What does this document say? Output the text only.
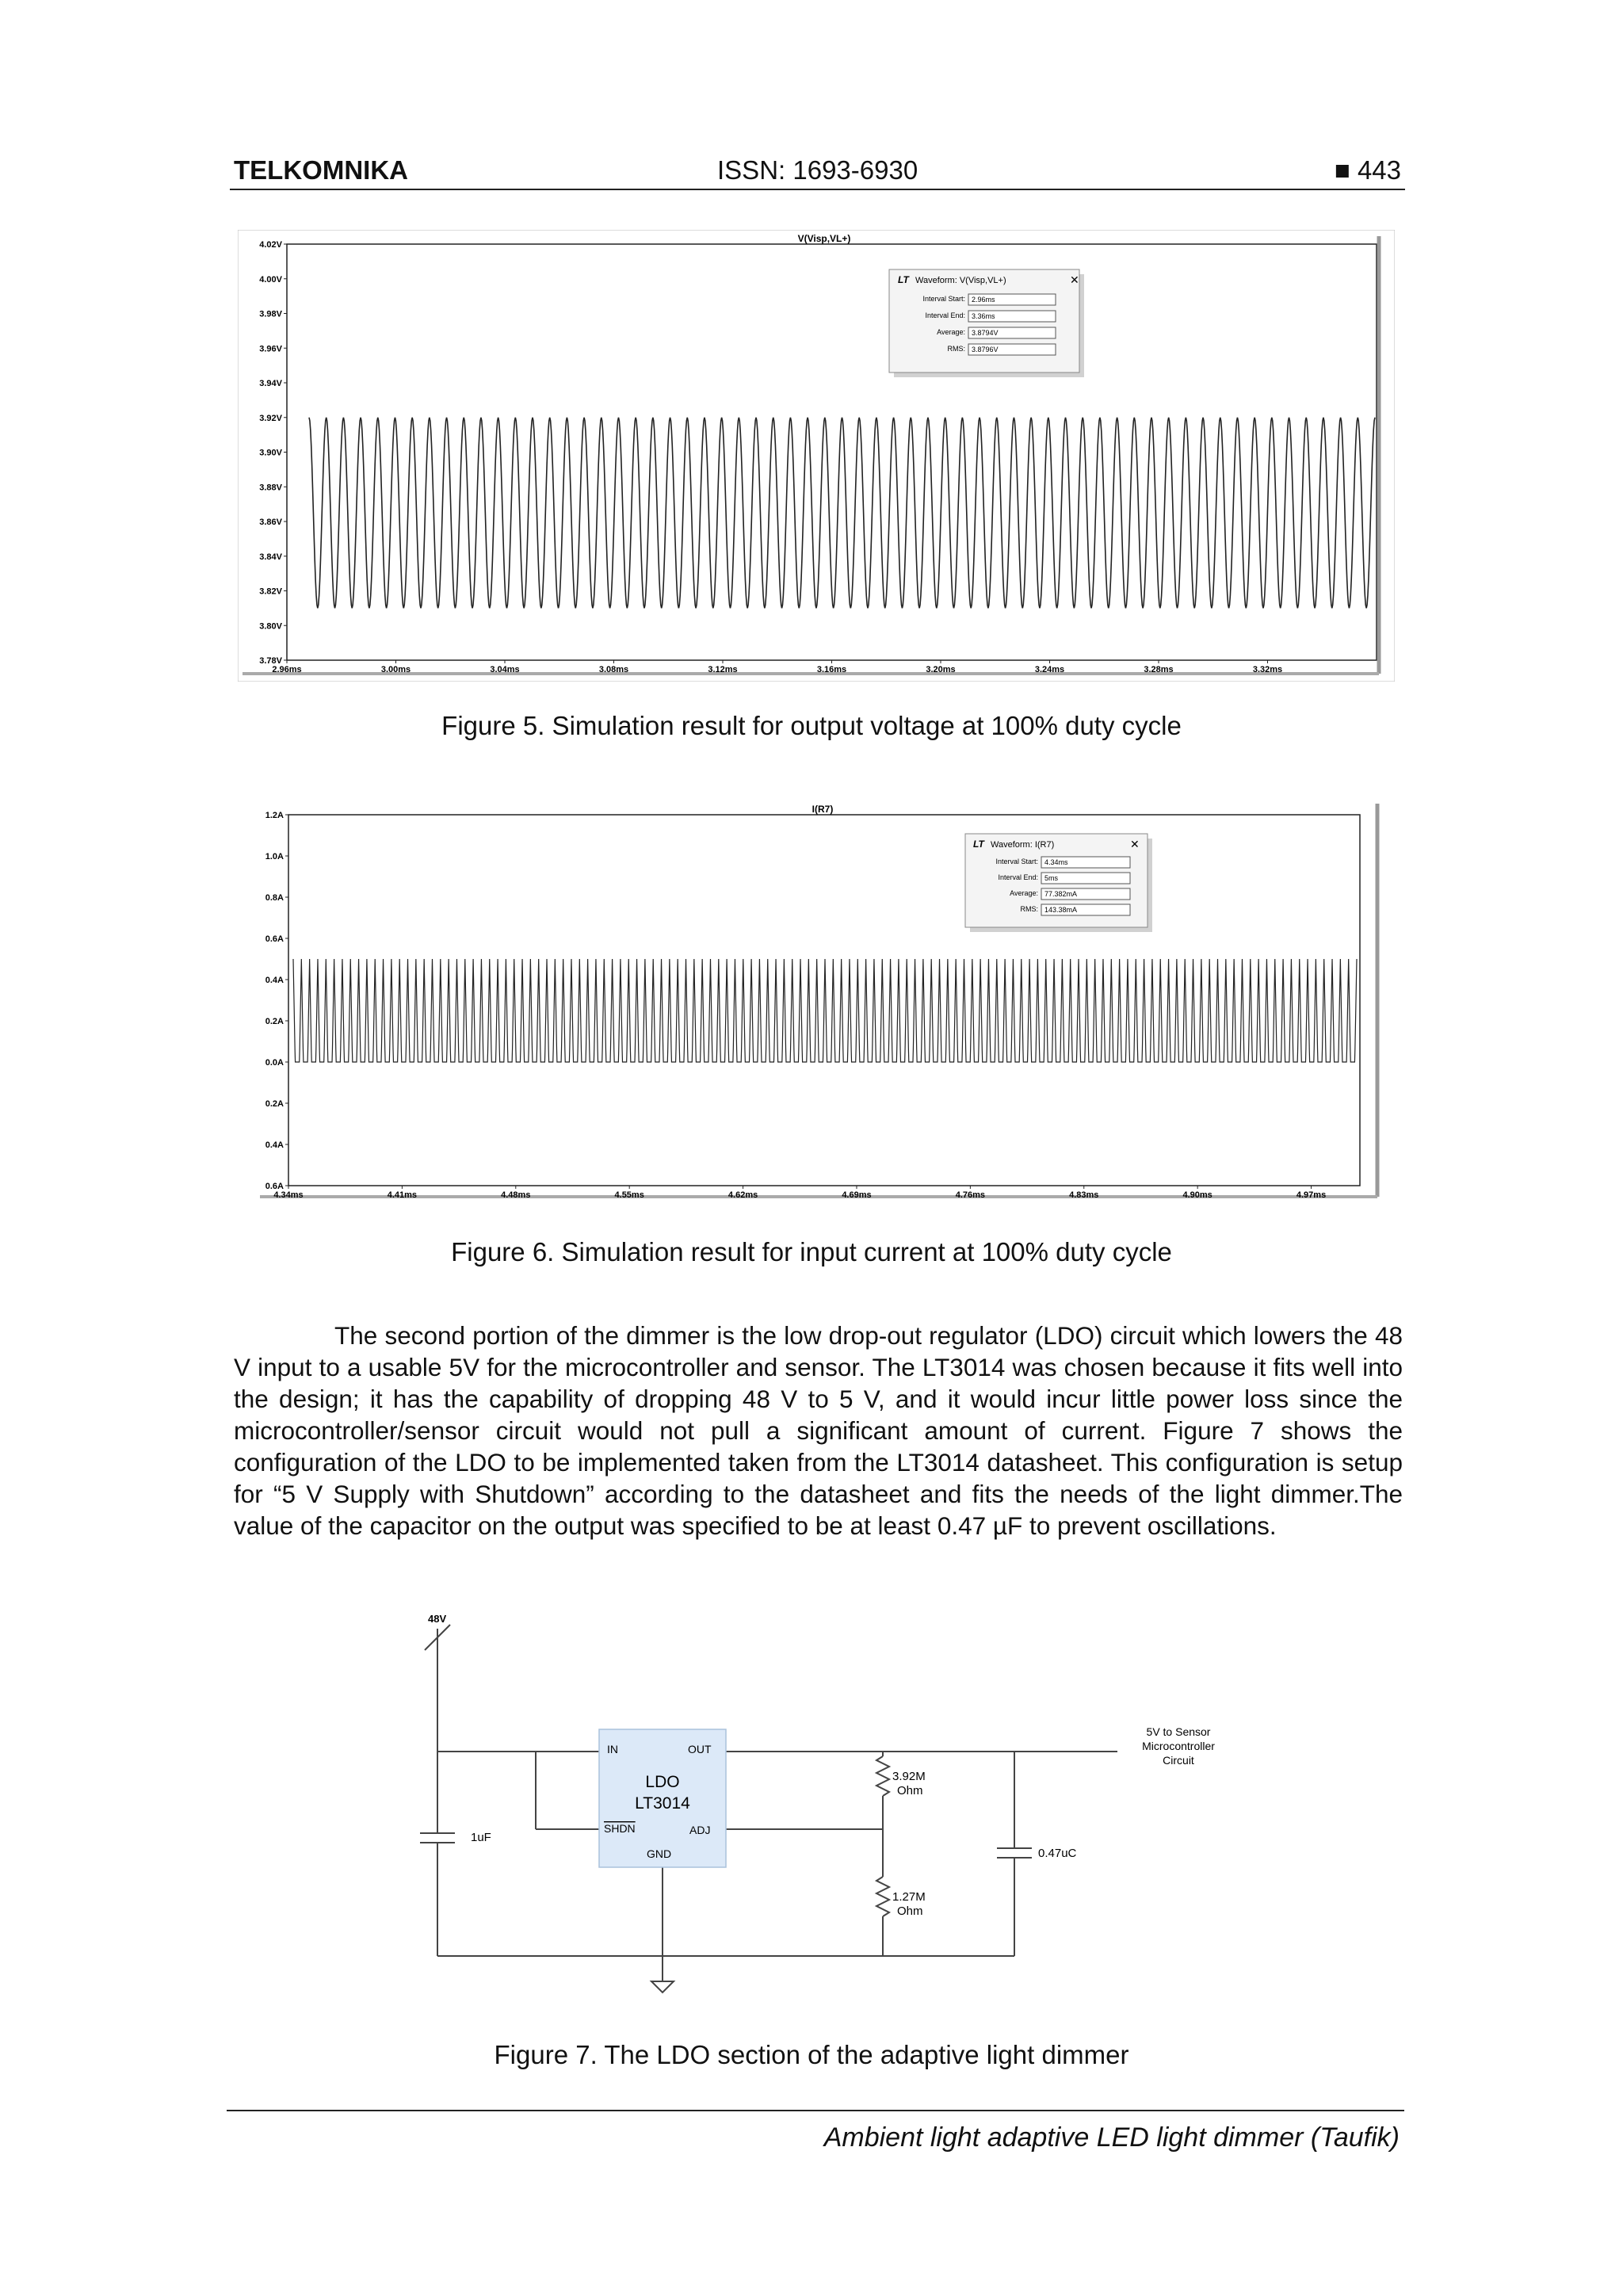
TELKOMNIKA	ISSN: 1693-6930	■ 443
V(Visp,VL+)
4.02V
4.00V
3.98V
3.96V
3.94V
3.92V
3.90V
3.88V
3.86V
3.84V
3.82V
3.80V
3.78V
2.96ms	3.00ms	3.04ms	3.08ms	3.12ms	3.16ms	3.20ms	3.24ms	3.28ms	3.32ms
LT Waveform: V(Visp,VL+)	✕
Interval Start: 2.96ms
Interval End: 3.36ms
Average: 3.8794V
RMS: 3.8796V
Figure 5. Simulation result for output voltage at 100% duty cycle
I(R7)
1.2A
1.0A
0.8A
0.6A
0.4A
0.2A
0.0A
0.2A
0.4A
0.6A
4.34ms	4.41ms	4.48ms	4.55ms	4.62ms	4.69ms	4.76ms	4.83ms	4.90ms	4.97ms
LT Waveform: I(R7)	✕
Interval Start: 4.34ms
Interval End: 5ms
Average: 77.382mA
RMS: 143.38mA
Figure 6. Simulation result for input current at 100% duty cycle
The second portion of the dimmer is the low drop-out regulator (LDO) circuit which lowers the 48 V input to a usable 5V for the microcontroller and sensor. The LT3014 was chosen because it fits well into the design; it has the capability of dropping 48 V to 5 V, and it would incur little power loss since the microcontroller/sensor circuit would not pull a significant amount of current. Figure 7 shows the configuration of the LDO to be implemented taken from the LT3014 datasheet. This configuration is setup for “5 V Supply with Shutdown” according to the datasheet and fits the needs of the light dimmer.The value of the capacitor on the output was specified to be at least 0.47 µF to prevent oscillations.
48V
1uF
IN	OUT
LDO
LT3014
SHDN	ADJ
GND
3.92M
Ohm
1.27M
Ohm
0.47uC
5V to Sensor
Microcontroller
Circuit
Figure 7. The LDO section of the adaptive light dimmer
Ambient light adaptive LED light dimmer (Taufik)
